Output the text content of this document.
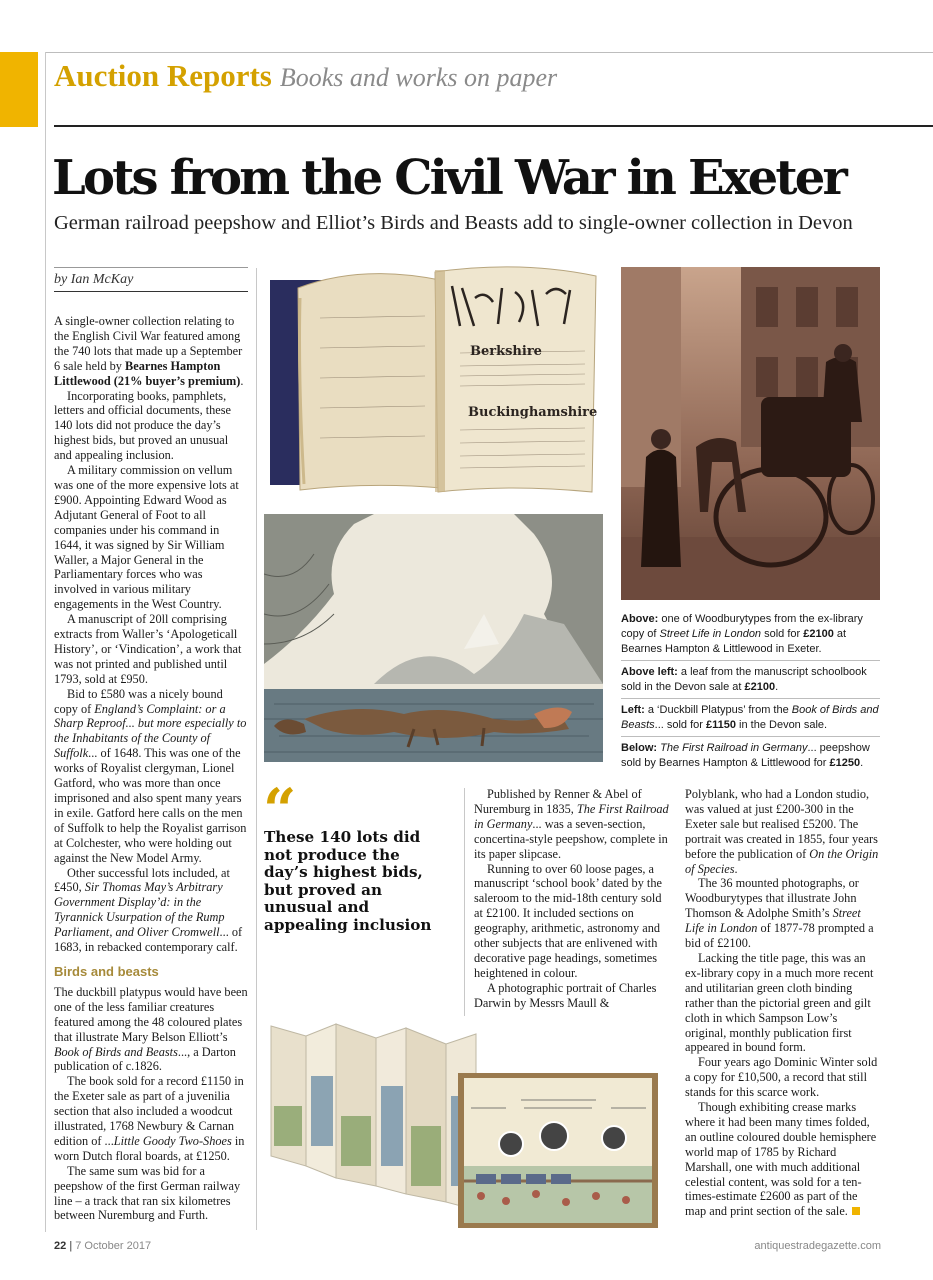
Auction Reports Books and works on paper
Lots from the Civil War in Exeter
German railroad peepshow and Elliot’s Birds and Beasts add to single-owner collection in Devon
by Ian McKay

A single-owner collection relating to the English Civil War featured among the 740 lots that made up a September 6 sale held by Bearnes Hampton Littlewood (21% buyer’s premium).

Incorporating books, pamphlets, letters and official documents, these 140 lots did not produce the day’s highest bids, but proved an unusual and appealing inclusion.

A military commission on vellum was one of the more expensive lots at £900. Appointing Edward Wood as Adjutant General of Foot to all companies under his command in 1644, it was signed by Sir William Waller, a Major General in the Parliamentary forces who was involved in various military engagements in the West Country.

A manuscript of 20ll comprising extracts from Waller’s ‘Apologeticall History’, or ‘Vindication’, a work that was not printed and published until 1793, sold at £950.

Bid to £580 was a nicely bound copy of England’s Complaint: or a Sharp Reproof... but more especially to the Inhabitants of the County of Suffolk... of 1648. This was one of the works of Royalist clergyman, Lionel Gatford, who was more than once imprisoned and also spent many years in exile. Gatford here calls on the men of Suffolk to help the Royalist garrison at Colchester, who were holding out against the New Model Army.

Other successful lots included, at £450, Sir Thomas May’s Arbitrary Government Display’d: in the Tyrannick Usurpation of the Rump Parliament, and Oliver Cromwell... of 1683, in rebacked contemporary calf.

Birds and beasts

The duckbill platypus would have been one of the less familiar creatures featured among the 48 coloured plates that illustrate Mary Belson Elliott’s Book of Birds and Beasts..., a Darton publication of c.1826.

The book sold for a record £1150 in the Exeter sale as part of a juvenilia section that also included a woodcut illustrated, 1768 Newbury & Carnan edition of ...Little Goody Two-Shoes in worn Dutch floral boards, at £1250.

The same sum was bid for a peepshow of the first German railway line – a track that ran six kilometres between Nuremburg and Furth.

Berkshire
Buckinghamshire
“
These 140 lots did not produce the day’s highest bids, but proved an unusual and appealing inclusion

Published by Renner & Abel of Nuremburg in 1835, The First Railroad in Germany... was a seven-section, concertina-style peepshow, complete in its paper slipcase.

Running to over 60 loose pages, a manuscript ‘school book’ dated by the saleroom to the mid-18th century sold at £2100. It included sections on geography, arithmetic, astronomy and other subjects that are enlivened with decorative page headings, sometimes heightened in colour.

A photographic portrait of Charles Darwin by Messrs Maull &

Above: one of Woodburytypes from the ex-library copy of Street Life in London sold for £2100 at Bearnes Hampton & Littlewood in Exeter.
Above left: a leaf from the manuscript schoolbook sold in the Devon sale at £2100.
Left: a ‘Duckbill Platypus’ from the Book of Birds and Beasts... sold for £1150 in the Devon sale.
Below: The First Railroad in Germany... peepshow sold by Bearnes Hampton & Littlewood for £1250.

Polyblank, who had a London studio, was valued at just £200-300 in the Exeter sale but realised £5200. The portrait was created in 1855, four years before the publication of On the Origin of Species.

The 36 mounted photographs, or Woodburytypes that illustrate John Thomson & Adolphe Smith’s Street Life in London of 1877-78 prompted a bid of £2100.

Lacking the title page, this was an ex-library copy in a much more recent and utilitarian green cloth binding rather than the pictorial green and gilt cloth in which Sampson Low’s original, monthly publication first appeared in bound form.

Four years ago Dominic Winter sold a copy for £10,500, a record that still stands for this scarce work.

Though exhibiting crease marks where it had been many times folded, an outline coloured double hemisphere world map of 1785 by Richard Marshall, one with much additional celestial content, was sold for a ten-times-estimate £2600 as part of the map and print section of the sale.

22 | 7 October 2017	antiquestradegazette.com
